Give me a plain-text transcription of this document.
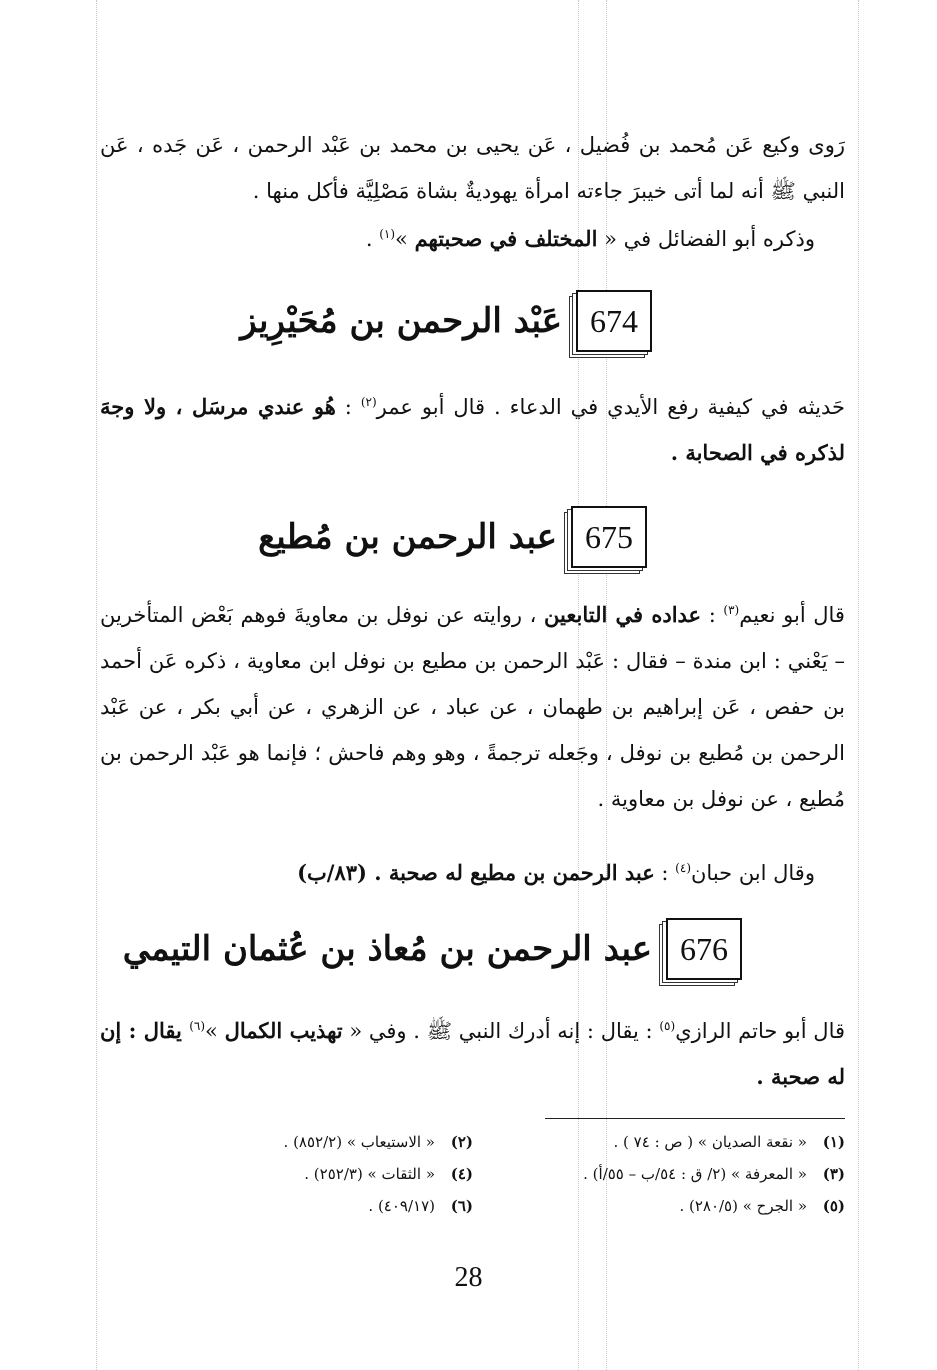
رَوى وكيع عَن مُحمد بن فُضيل ، عَن يحيى بن محمد بن عَبْد الرحمن ، عَن جَده ، عَن النبي ﷺ أنه لما أتى خيبرَ جاءته امرأة يهوديةٌ بشاة مَصْلِيَّة فأكل منها .
وذكره أبو الفضائل في « المختلف في صحبتهم »$^{(١)}$ .
674
عَبْد الرحمن بن مُحَيْرِيز
حَديثه في كيفية رفع الأيدي في الدعاء . قال أبو عمر$^{(٢)}$ : هُو عندي مرسَل ، ولا وجهَ لذكره في الصحابة .
675
عبد الرحمن بن مُطيع
قال أبو نعيم$^{(٣)}$ : عداده في التابعين ، روايته عن نوفل بن معاويةَ فوهم بَعْض المتأخرين – يَعْني : ابن مندة – فقال : عَبْد الرحمن بن مطيع بن نوفل ابن معاوية ، ذكره عَن أحمد بن حفص ، عَن إبراهيم بن طهمان ، عن عباد ، عن الزهري ، عن أبي بكر ، عن عَبْد الرحمن بن مُطيع بن نوفل ، وجَعله ترجمةً ، وهو وهم فاحش ؛ فإنما هو عَبْد الرحمن بن مُطيع ، عن نوفل بن معاوية .
وقال ابن حبان$^{(٤)}$ : عبد الرحمن بن مطيع له صحبة . (٨٣/ب)
676
عبد الرحمن بن مُعاذ بن عُثمان التيمي
قال أبو حاتم الرازي$^{(٥)}$ : يقال : إنه أدرك النبي ﷺ . وفي « تهذيب الكمال »$^{(٦)}$ يقال : إن له صحبة .
(١)
« نقعة الصديان » ( ص : ٧٤ ) .
(٢)
« الاستيعاب » (٨٥٢/٢) .
(٣)
« المعرفة » (٢/ ق : ٥٤/ب – ٥٥/أ) .
(٤)
« الثقات » (٢٥٢/٣) .
(٥)
« الجرح » (٢٨٠/٥) .
(٦)
(٤٠٩/١٧) .
28
